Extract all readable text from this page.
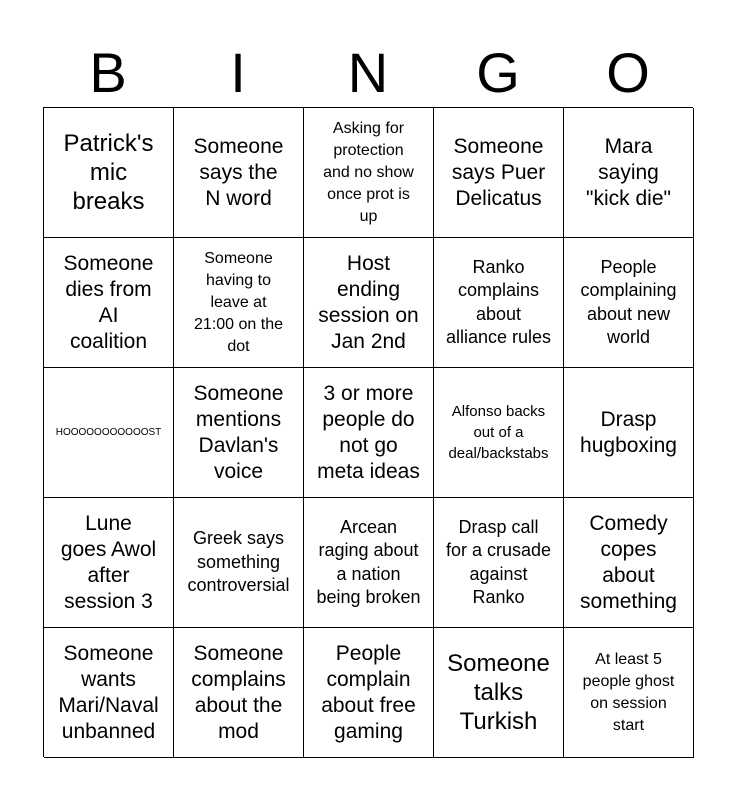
B	I	N	G	O
Patrick's
mic
breaks
Someone
says the
N word
Asking for
protection
and no show
once prot is
up
Someone
says Puer
Delicatus
Mara
saying
"kick die"
Someone
dies from
AI
coalition
Someone
having to
leave at
21:00 on the
dot
Host
ending
session on
Jan 2nd
Ranko
complains
about
alliance rules
People
complaining
about new
world
HOOOOOOOOOOOST
Someone
mentions
Davlan's
voice
3 or more
people do
not go
meta ideas
Alfonso backs
out of a
deal/backstabs
Drasp
hugboxing
Lune
goes Awol
after
session 3
Greek says
something
controversial
Arcean
raging about
a nation
being broken
Drasp call
for a crusade
against
Ranko
Comedy
copes
about
something
Someone
wants
Mari/Naval
unbanned
Someone
complains
about the
mod
People
complain
about free
gaming
Someone
talks
Turkish
At least 5
people ghost
on session
start
